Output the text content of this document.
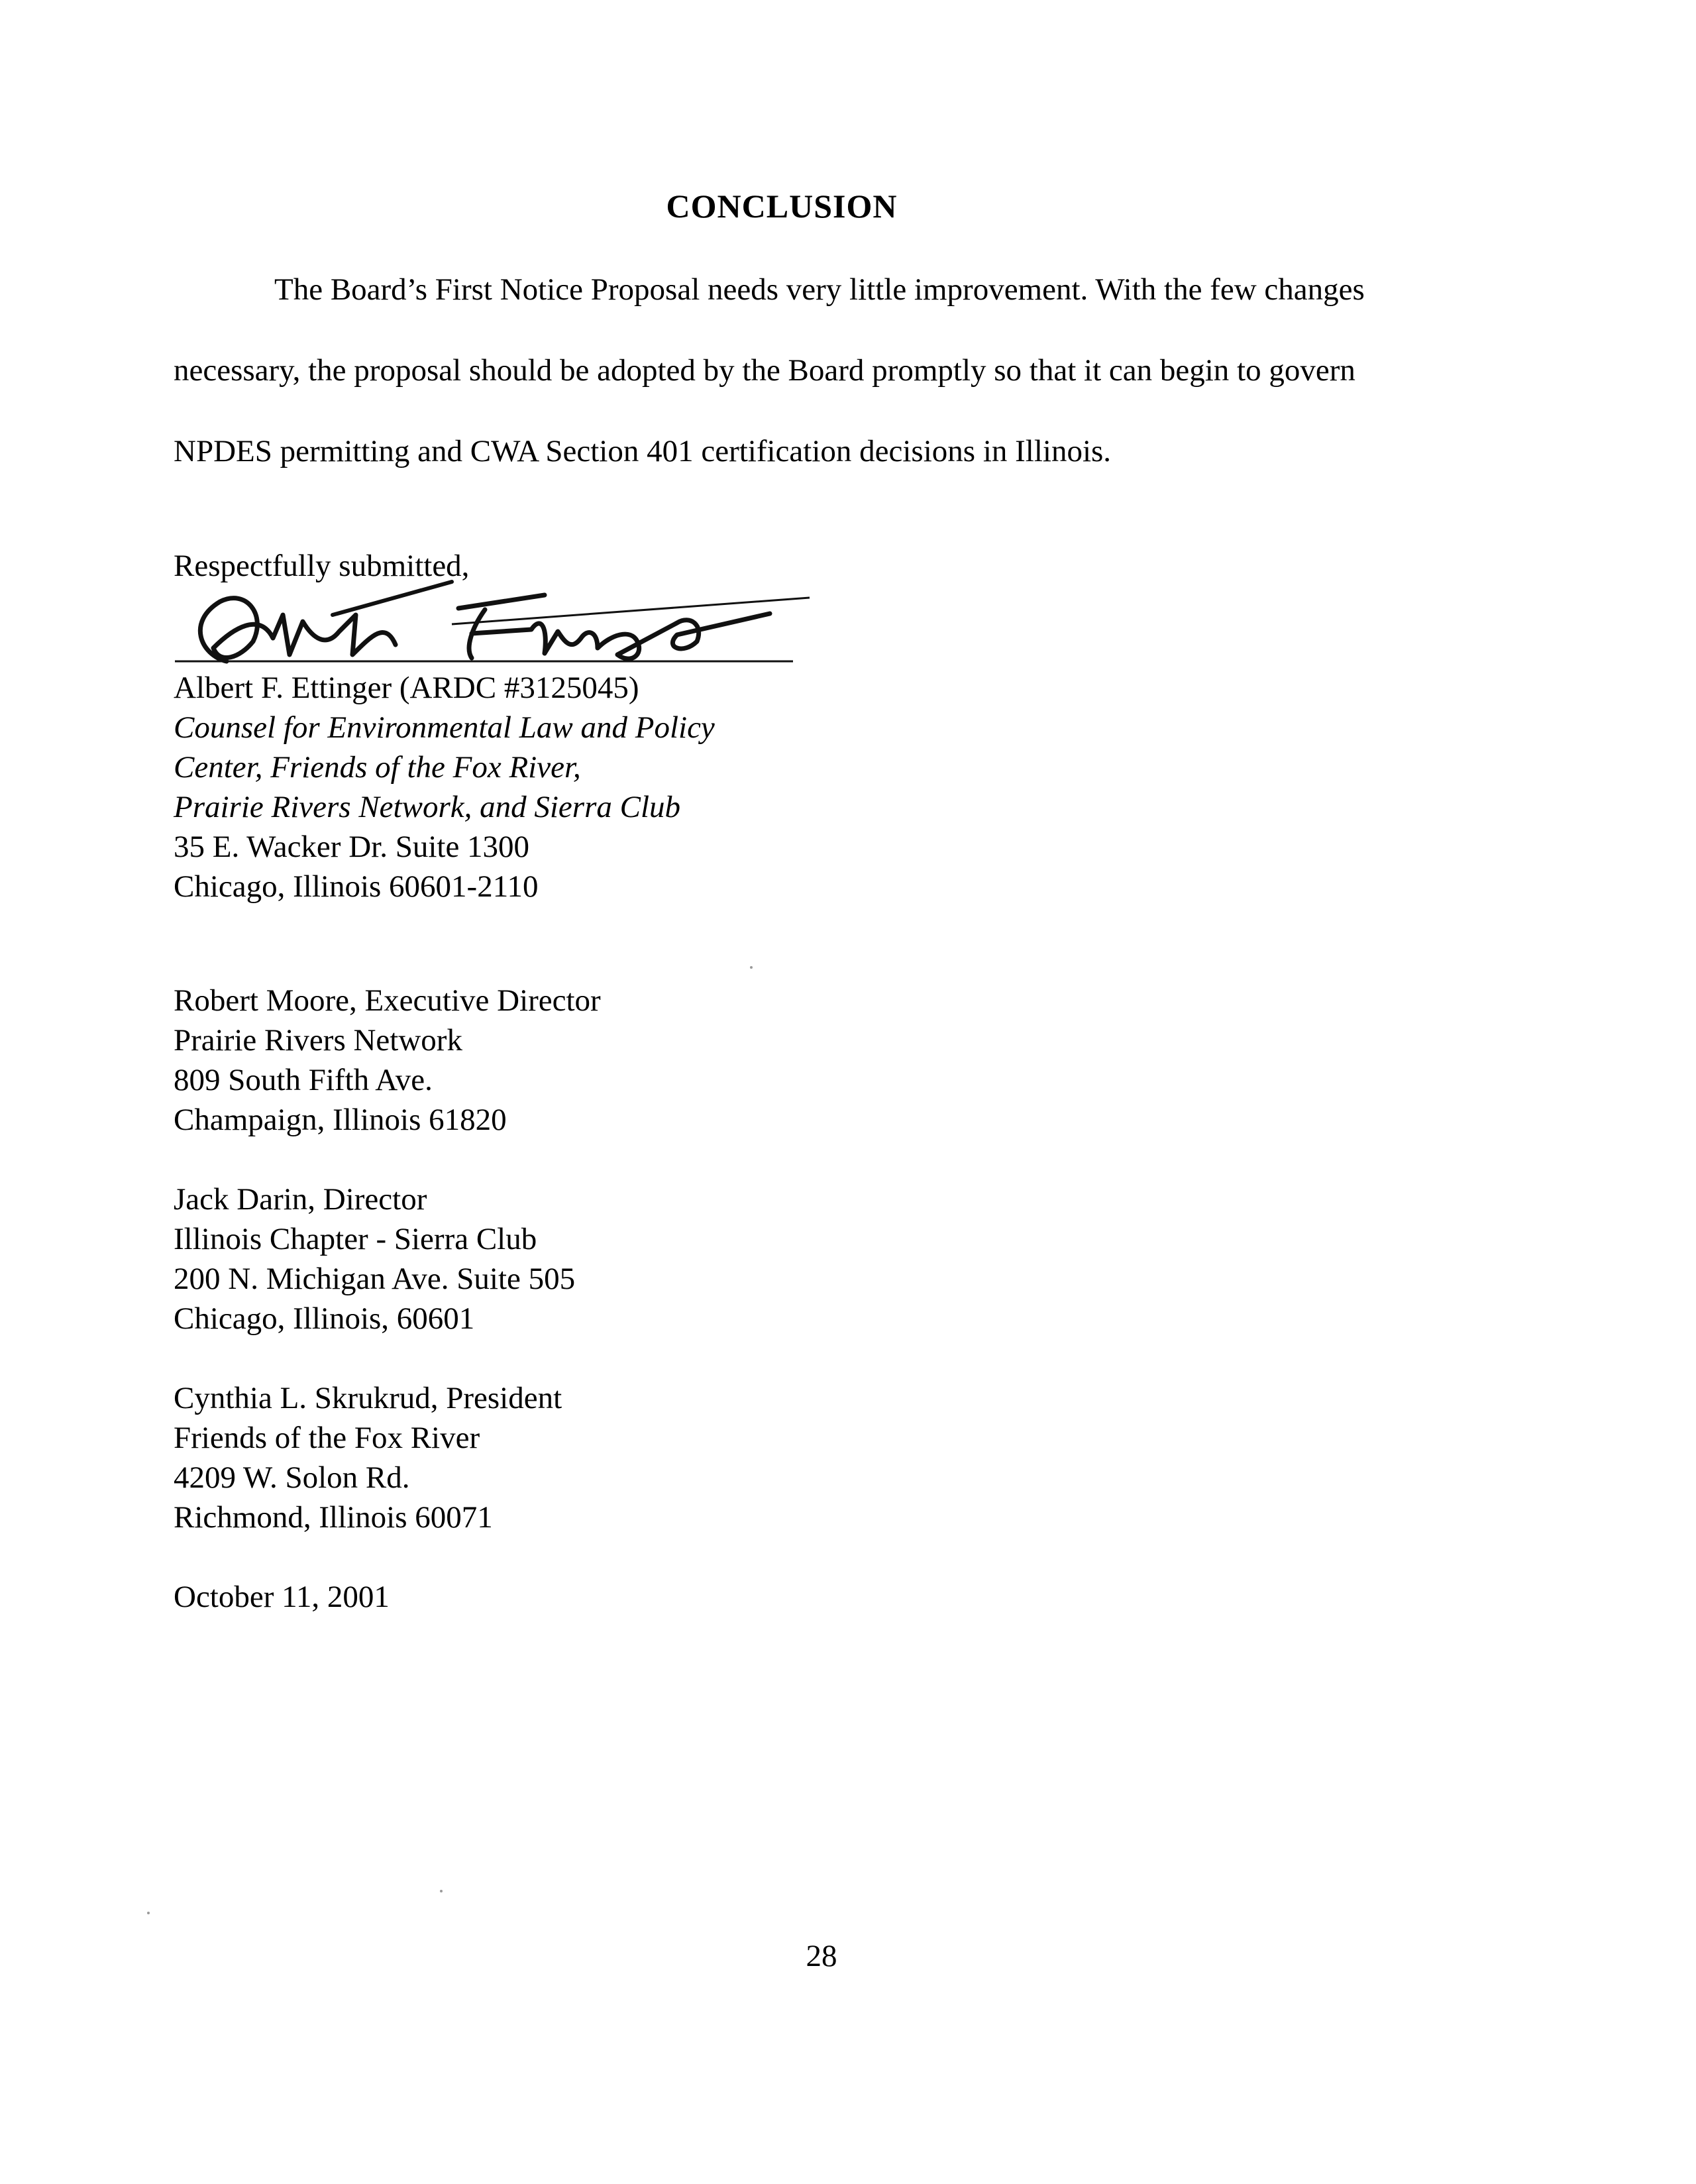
CONCLUSION
The Board’s First Notice Proposal needs very little improvement. With the few changes
necessary, the proposal should be adopted by the Board promptly so that it can begin to govern
NPDES permitting and CWA Section 401 certification decisions in Illinois.
Respectfully submitted,
Albert F. Ettinger (ARDC #3125045)
Counsel for Environmental Law and Policy
Center, Friends of the Fox River,
Prairie Rivers Network, and Sierra Club
35 E. Wacker Dr. Suite 1300
Chicago, Illinois 60601-2110
Robert Moore, Executive Director
Prairie Rivers Network
809 South Fifth Ave.
Champaign, Illinois 61820
Jack Darin, Director
Illinois Chapter - Sierra Club
200 N. Michigan Ave. Suite 505
Chicago, Illinois, 60601
Cynthia L. Skrukrud, President
Friends of the Fox River
4209 W. Solon Rd.
Richmond, Illinois 60071
October 11, 2001
28
